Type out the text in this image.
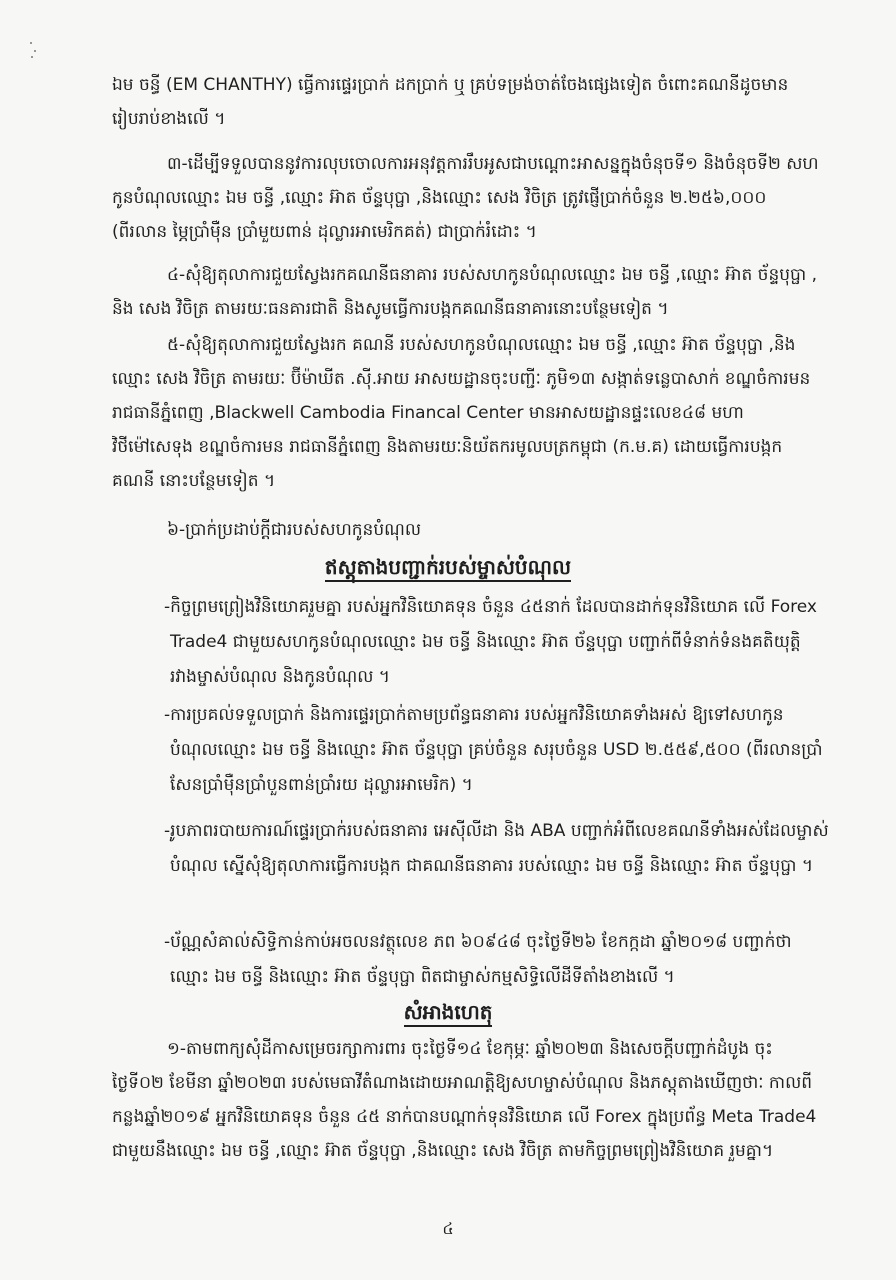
ឯម ចន្ធី (EM CHANTHY) ធ្វើការផ្ទេរប្រាក់ ដកប្រាក់ ឬ គ្រប់ទម្រង់ចាត់ចែងផ្សេងទៀត ចំពោះគណនីដូចមាន
រៀបរាប់ខាងលើ ។
៣-ដើម្បីទទួលបាននូវការលុបចោលការអនុវត្តការរឹបអូសជាបណ្តោះអាសន្នក្នុងចំនុចទី១ និងចំនុចទី២ សហកូនបំណុលឈ្មោះ ឯម ចន្ធី ,ឈ្មោះ អ៊ាត ច័ន្ទបុប្ផា ,និងឈ្មោះ សេង វិចិត្រ ត្រូវផ្ញើប្រាក់ចំនួន ២.២៥៦,០០០ (ពីរលាន ម្ភៃប្រាំម៉ឺន ប្រាំមួយពាន់ ដុល្លារអាមេរិកគត់) ជាប្រាក់រំដោះ ។
៤-សុំឱ្យតុលាការជួយស្វែងរកគណនីធនាគារ របស់សហកូនបំណុលឈ្មោះ ឯម ចន្ធី ,ឈ្មោះ អ៊ាត ច័ន្ទបុប្ផា , និង សេង វិចិត្រ តាមរយៈធនគារជាតិ និងសូមធ្វើការបង្កកគណនីធនាគារនោះបន្ថែមទៀត ។
៥-សុំឱ្យតុលាការជួយស្វែងរក គណនី របស់សហកូនបំណុលឈ្មោះ ឯម ចន្ធី ,ឈ្មោះ អ៊ាត ច័ន្ទបុប្ផា ,និង ឈ្មោះ សេង វិចិត្រ តាមរយៈ ប៊ីម៉ាឃីត .ស៊ី.អាយ អាសយដ្ឋានចុះបញ្ជីៈ ភូមិ១៣ សង្កាត់ទន្លេបាសាក់ ខណ្ឌចំការមន រាជធានីភ្នំពេញ ,Blackwell Cambodia Financal Center មានអាសយដ្ឋានផ្ទះលេខ៤៨ មហាវិថីម៉ៅសេទុង ខណ្ឌចំការមន រាជធានីភ្នំពេញ និងតាមរយៈនិយ័តករមូលបត្រកម្ពុជា (ក.ម.គ) ដោយធ្វើការបង្កកគណនី នោះបន្ថែមទៀត ។
៦-ប្រាក់ប្រដាប់ក្តីជារបស់សហកូនបំណុល
ឥស្តុតាងបញ្ជាក់របស់ម្ចាស់បំណុល
-កិច្ចព្រមព្រៀងវិនិយោគរួមគ្នា របស់អ្នកវិនិយោគទុន ចំនួន ៤៥នាក់ ដែលបានដាក់ទុនវិនិយោគ លើ Forex Trade4 ជាមួយសហកូនបំណុលឈ្មោះ ឯម ចន្ធី និងឈ្មោះ អ៊ាត ច័ន្ទបុប្ផា បញ្ជាក់ពីទំនាក់ទំនងគតិយុត្តិ រវាងម្ចាស់បំណុល និងកូនបំណុល ។
-ការប្រគល់ទទួលប្រាក់ និងការផ្ទេរប្រាក់តាមប្រព័ន្ធធនាគារ របស់អ្នកវិនិយោគទាំងអស់ ឱ្យទៅសហកូនបំណុលឈ្មោះ ឯម ចន្ធី និងឈ្មោះ អ៊ាត ច័ន្ទបុប្ផា គ្រប់ចំនួន សរុបចំនួន USD ២.៥៥៩,៥០០ (ពីរលានប្រាំសែនប្រាំម៉ឺនប្រាំបួនពាន់ប្រាំរយ ដុល្លារអាមេរិក) ។
-រូបភាពរបាយការណ៍ផ្ទេរប្រាក់របស់ធនាគារ អេស៊ីលីដា និង ABA បញ្ជាក់អំពីលេខគណនីទាំងអស់ដែលម្ចាស់បំណុល ស្នើសុំឱ្យតុលាការធ្វើការបង្កក ជាគណនីធនាគារ របស់ឈ្មោះ ឯម ចន្ធី និងឈ្មោះ អ៊ាត ច័ន្ទបុប្ផា ។
-ប័ណ្ណសំគាល់សិទ្ធិកាន់កាប់អចលនវត្ថុលេខ ភព ៦០៩៤៨ ចុះថ្ងៃទី២៦ ខែកក្កដា ឆ្នាំ២០១៨ បញ្ជាក់ថាឈ្មោះ ឯម ចន្ធី និងឈ្មោះ អ៊ាត ច័ន្ទបុប្ផា ពិតជាម្ចាស់កម្មសិទ្ធិលើដីទីតាំងខាងលើ ។
សំអាងហេតុ
១-តាមពាក្យសុំដីកាសម្រេចរក្សាការពារ ចុះថ្ងៃទី១៤ ខែកុម្ភៈ ឆ្នាំ២០២៣ និងសេចក្តីបញ្ជាក់ដំបូង ចុះថ្ងៃទី០២ ខែមីនា ឆ្នាំ២០២៣ របស់មេធាវីតំណាងដោយអាណត្តិឱ្យសហម្ចាស់បំណុល និងភស្តុតាងឃើញថាៈ កាលពីកន្លងឆ្នាំ២០១៩ អ្នកវិនិយោគទុន ចំនួន ៤៥ នាក់បានបណ្តាក់ទុនវិនិយោគ លើ Forex ក្នុងប្រព័ន្ធ Meta Trade4 ជាមួយនឹងឈ្មោះ ឯម ចន្ធី ,ឈ្មោះ អ៊ាត ច័ន្ទបុប្ផា ,និងឈ្មោះ សេង វិចិត្រ តាមកិច្ចព្រមព្រៀងវិនិយោគ រួមគ្នា។
៤
